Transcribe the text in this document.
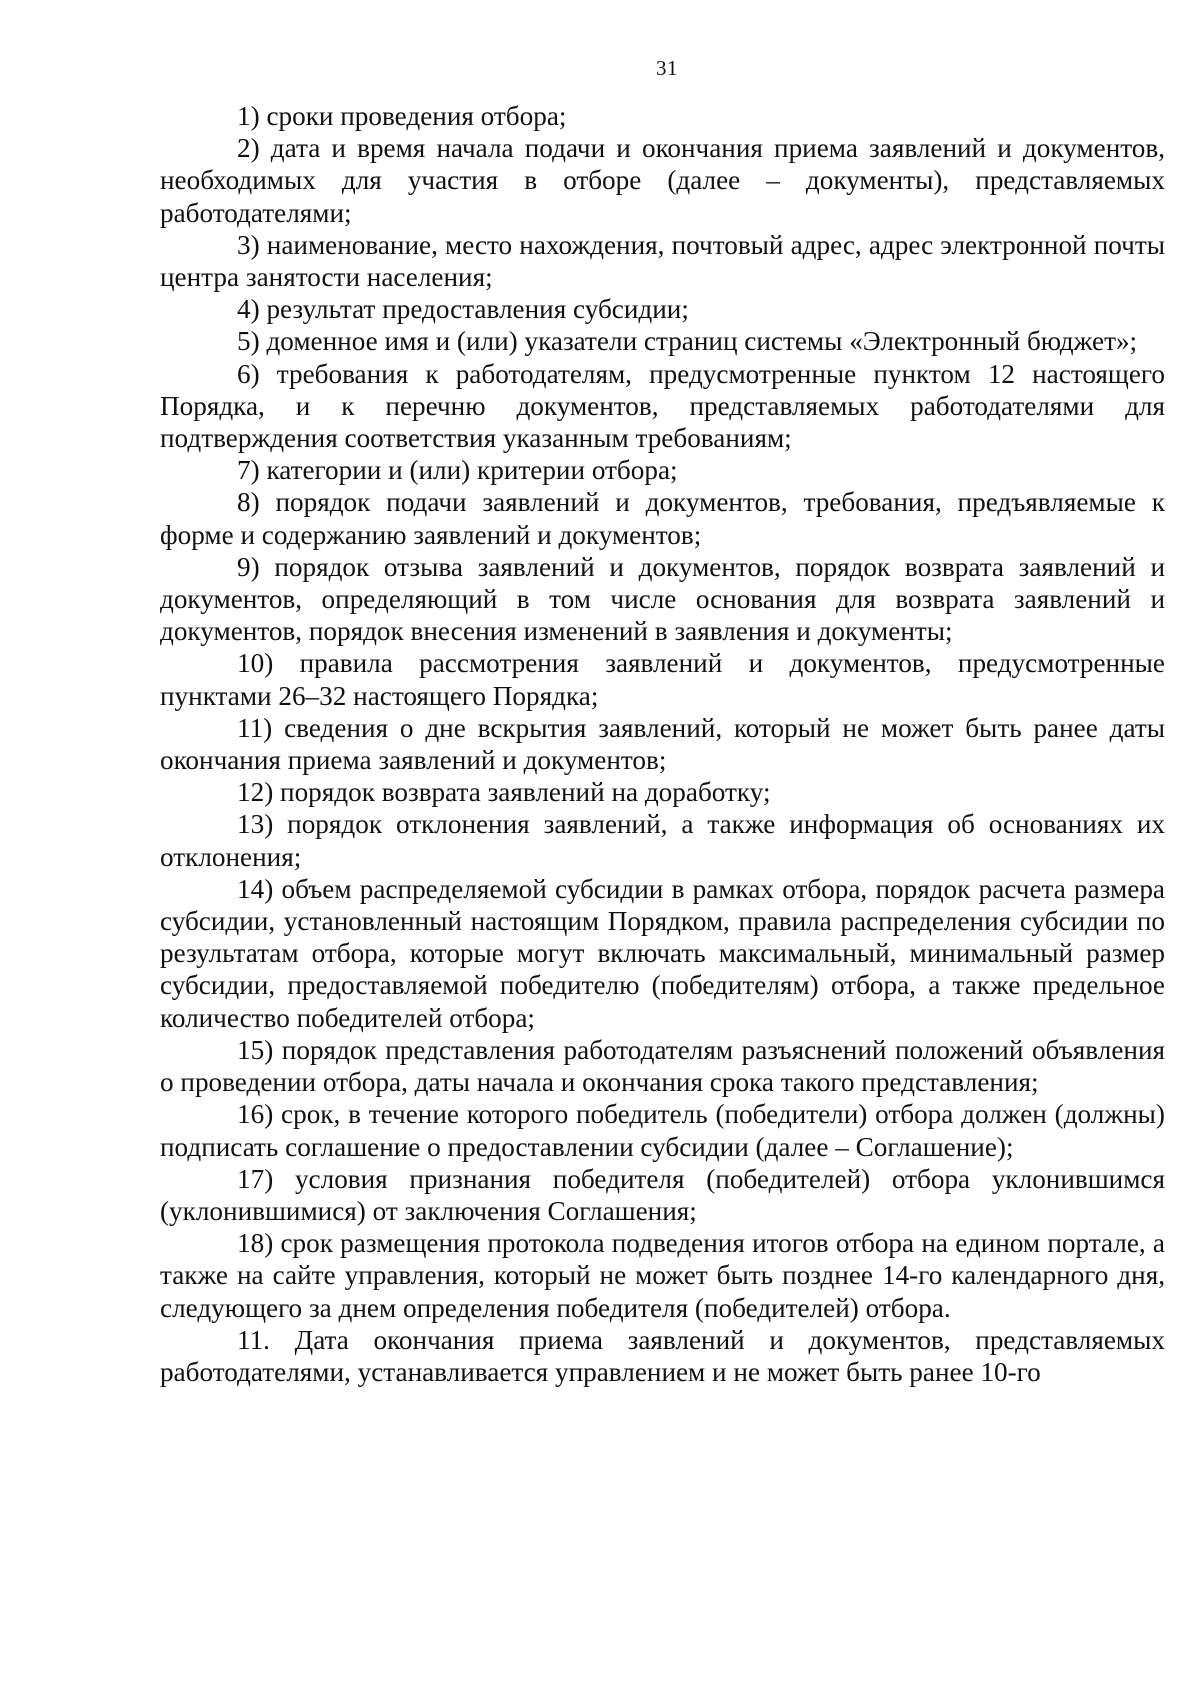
31

1) сроки проведения отбора;

2) дата и время начала подачи и окончания приема заявлений и документов, необходимых для участия в отборе (далее – документы), представляемых работодателями;

3) наименование, место нахождения, почтовый адрес, адрес электронной почты центра занятости населения;

4) результат предоставления субсидии;

5) доменное имя и (или) указатели страниц системы «Электронный бюджет»;

6) требования к работодателям, предусмотренные пунктом 12 настоящего Порядка, и к перечню документов, представляемых работодателями для подтверждения соответствия указанным требованиям;

7) категории и (или) критерии отбора;

8) порядок подачи заявлений и документов, требования, предъявляемые к форме и содержанию заявлений и документов;

9) порядок отзыва заявлений и документов, порядок возврата заявлений и документов, определяющий в том числе основания для возврата заявлений и документов, порядок внесения изменений в заявления и документы;

10) правила рассмотрения заявлений и документов, предусмотренные пунктами 26–32 настоящего Порядка;

11) сведения о дне вскрытия заявлений, который не может быть ранее даты окончания приема заявлений и документов;

12) порядок возврата заявлений на доработку;

13) порядок отклонения заявлений, а также информация об основаниях их отклонения;

14) объем распределяемой субсидии в рамках отбора, порядок расчета размера субсидии, установленный настоящим Порядком, правила распределения субсидии по результатам отбора, которые могут включать максимальный, минимальный размер субсидии, предоставляемой победителю (победителям) отбора, а также предельное количество победителей отбора;

15) порядок представления работодателям разъяснений положений объявления о проведении отбора, даты начала и окончания срока такого представления;

16) срок, в течение которого победитель (победители) отбора должен (должны) подписать соглашение о предоставлении субсидии (далее – Соглашение);

17) условия признания победителя (победителей) отбора уклонившимся (уклонившимися) от заключения Соглашения;

18) срок размещения протокола подведения итогов отбора на едином портале, а также на сайте управления, который не может быть позднее 14-го календарного дня, следующего за днем определения победителя (победителей) отбора.

11. Дата окончания приема заявлений и документов, представляемых работодателями, устанавливается управлением и не может быть ранее 10-го
